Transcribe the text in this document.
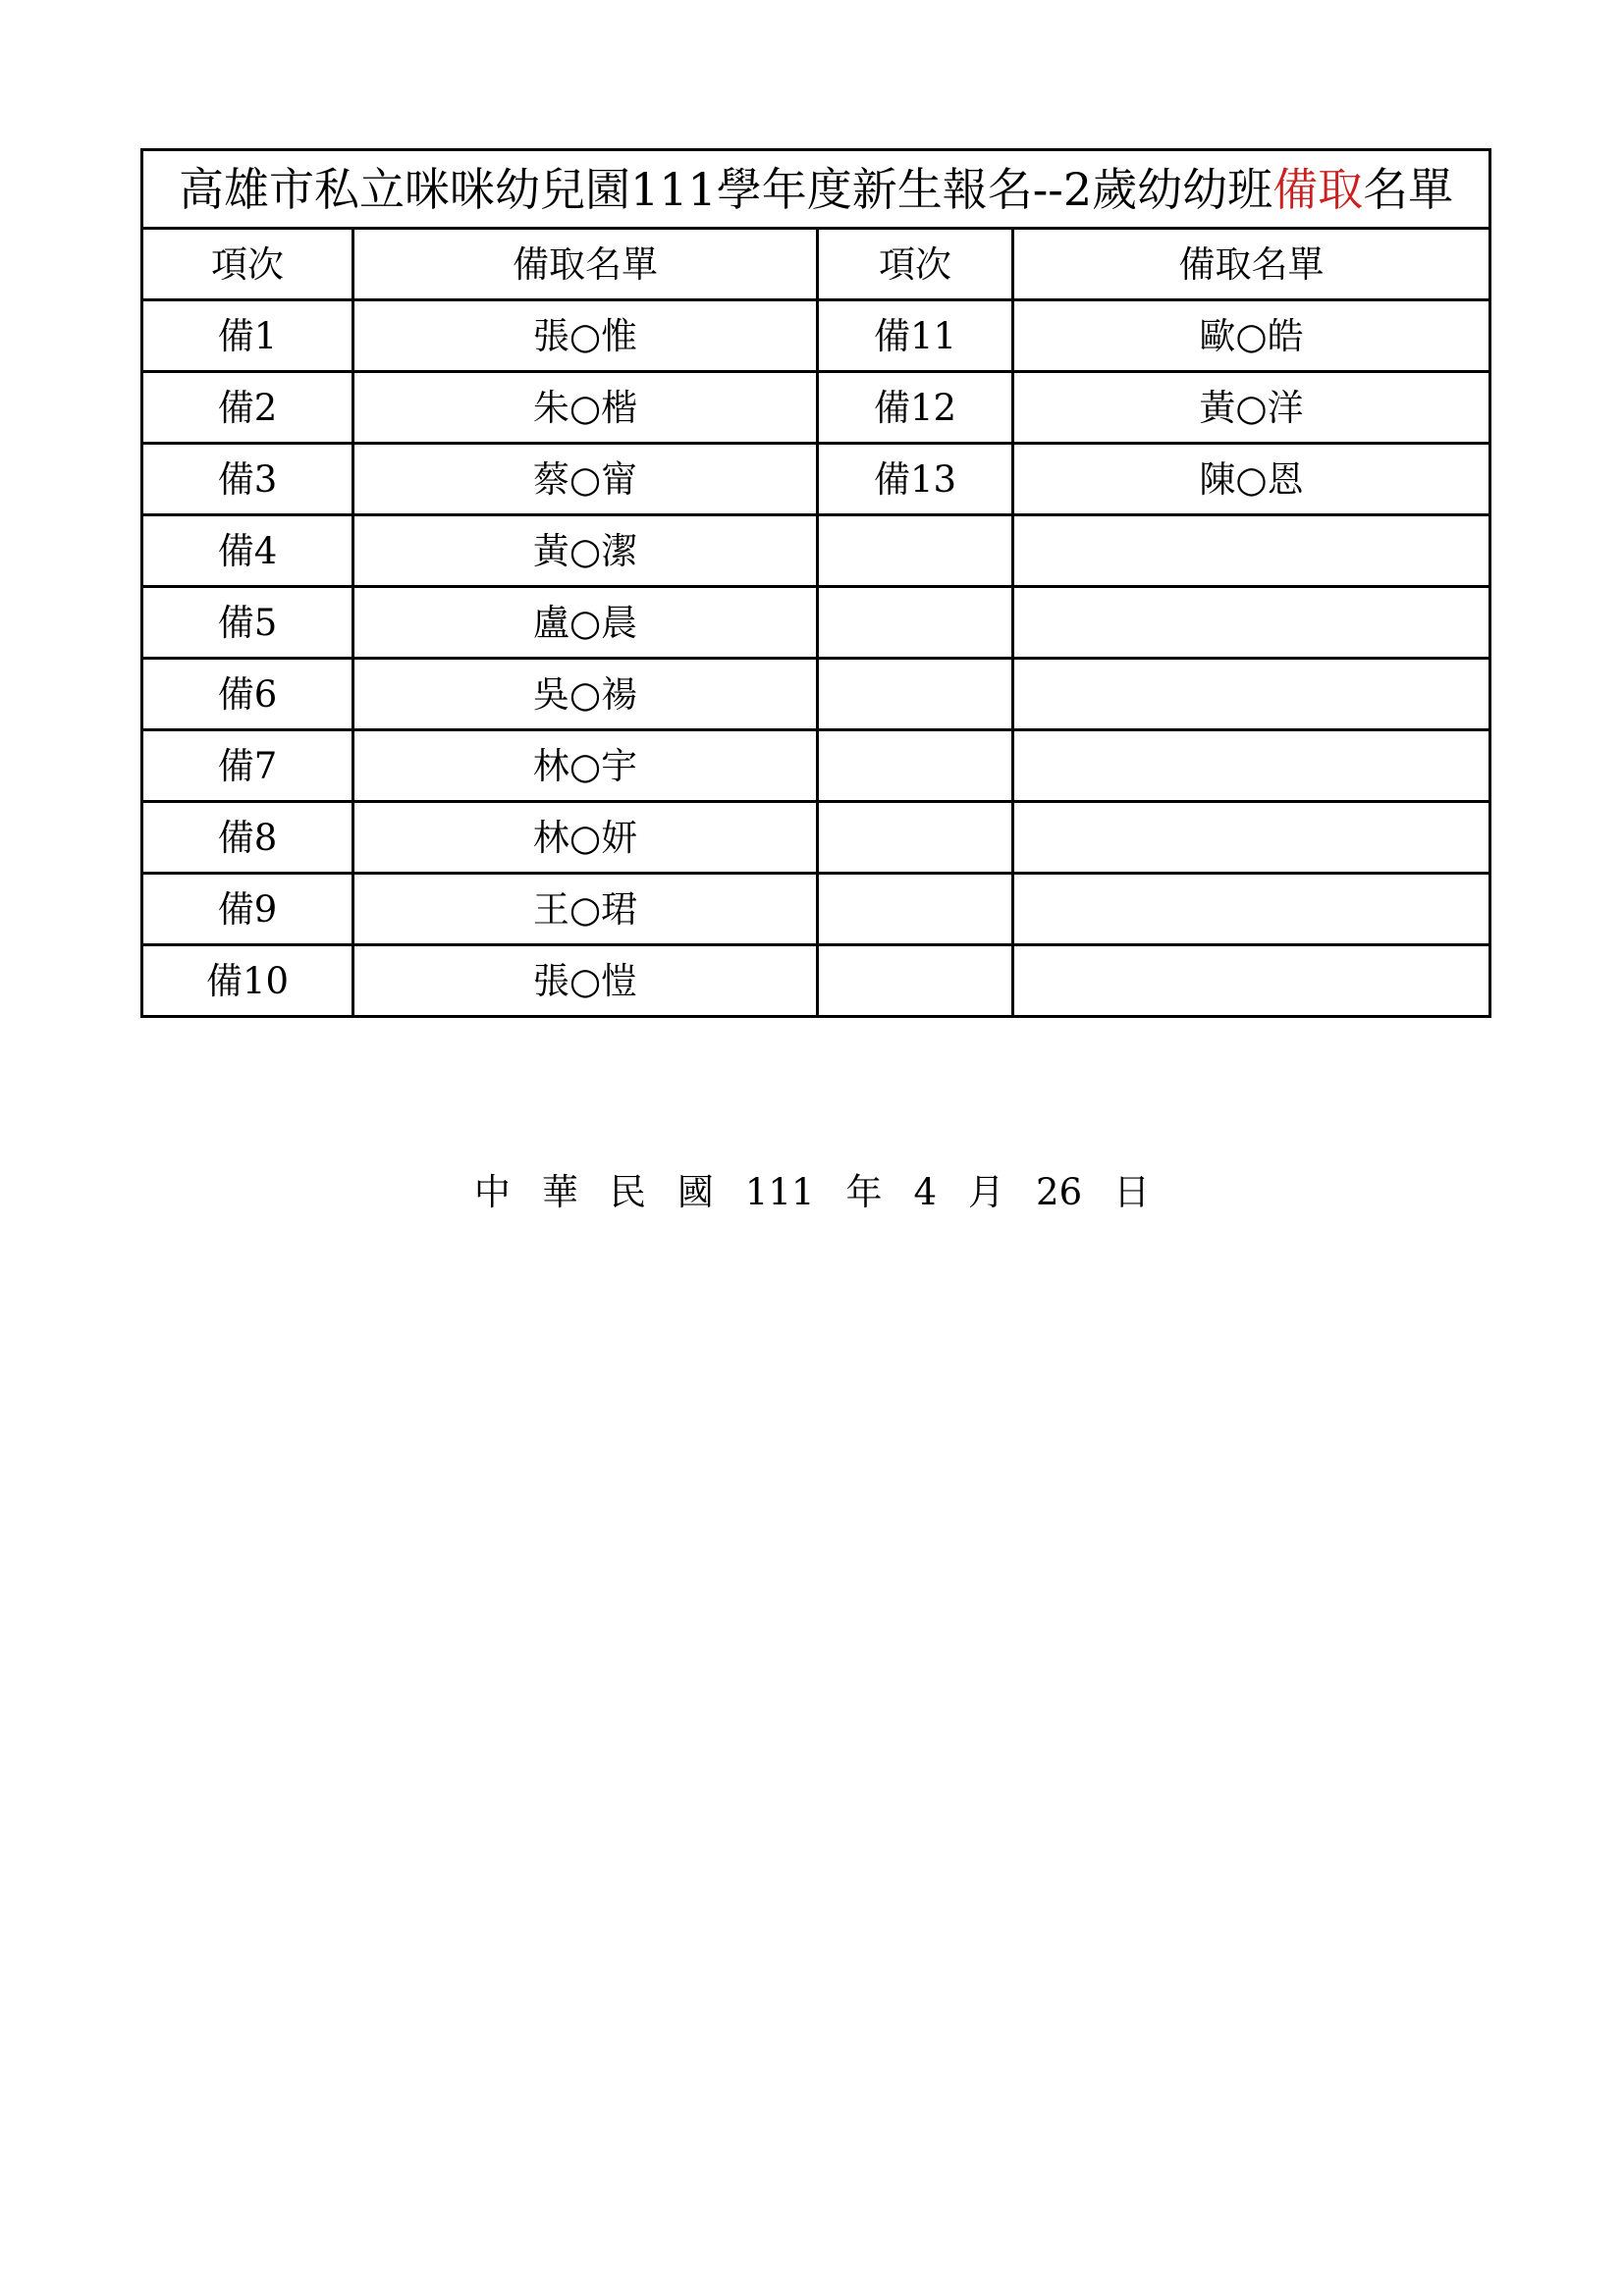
高雄市私立咪咪幼兒園111學年度新生報名--2歲幼幼班備取名單			
項次	備取名單	項次	備取名單
備1	張○惟	備11	歐○皓
備2	朱○楷	備12	黃○洋
備3	蔡○甯	備13	陳○恩
備4	黃○潔		
備5	盧○晨		
備6	吳○禓		
備7	林○宇		
備8	林○妍		
備9	王○珺		
備10	張○愷		
中 華 民 國 111 年 4 月 26 日
